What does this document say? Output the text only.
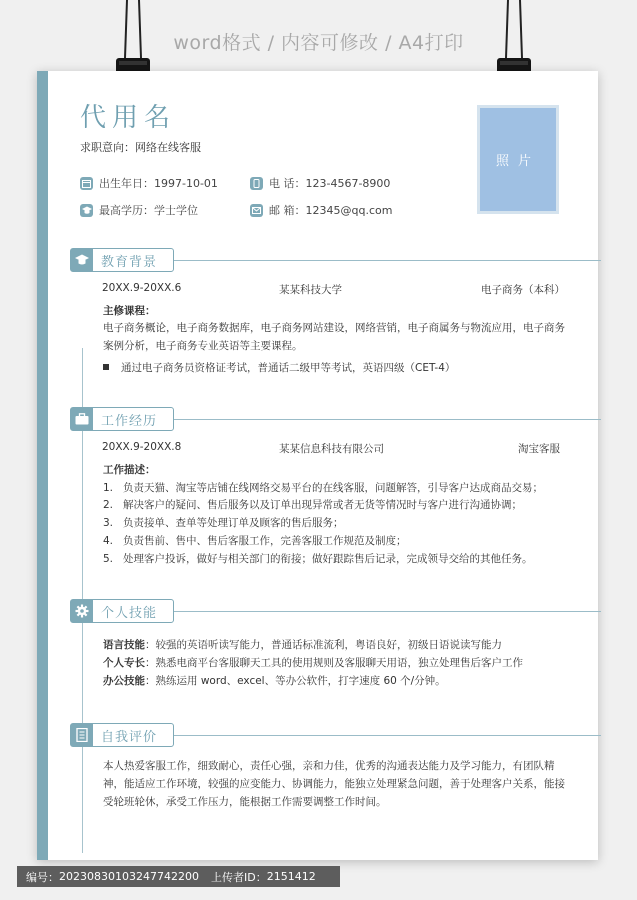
word格式 / 内容可修改 / A4打印
代用名
求职意向：网络在线客服
出生年日：1997-10-01	电 话：123-4567-8900
最高学历：学士学位	邮 箱：12345@qq.com
照片
教育背景
20XX.9-20XX.6	某某科技大学	电子商务（本科）
主修课程：
电子商务概论，电子商务数据库，电子商务网站建设，网络营销，电子商属务与物流应用，电子商务案例分析，电子商务专业英语等主要课程。
通过电子商务员资格证考试，普通话二级甲等考试，英语四级（CET-4）
工作经历
20XX.9-20XX.8	某某信息科技有限公司	淘宝客服
工作描述：
1. 负责天猫、淘宝等店铺在线网络交易平台的在线客服，问题解答，引导客户达成商品交易；
2. 解决客户的疑问、售后服务以及订单出现异常或者无货等情况时与客户进行沟通协调；
3. 负责接单、查单等处理订单及顾客的售后服务；
4. 负责售前、售中、售后客服工作，完善客服工作规范及制度；
5. 处理客户投诉，做好与相关部门的衔接；做好跟踪售后记录，完成领导交给的其他任务。
个人技能
语言技能：较强的英语听读写能力，普通话标准流利，粤语良好，初级日语说读写能力
个人专长：熟悉电商平台客服聊天工具的使用规则及客服聊天用语，独立处理售后客户工作
办公技能：熟练运用 word、excel、等办公软件，打字速度 60 个/分钟。
自我评价
本人热爱客服工作，细致耐心，责任心强，亲和力佳，优秀的沟通表达能力及学习能力，有团队精神，能适应工作环境，较强的应变能力、协调能力，能独立处理紧急问题，善于处理客户关系，能接受轮班轮休，承受工作压力，能根据工作需要调整工作时间。
编号： 20230830103247742200 上传者ID： 2151412
